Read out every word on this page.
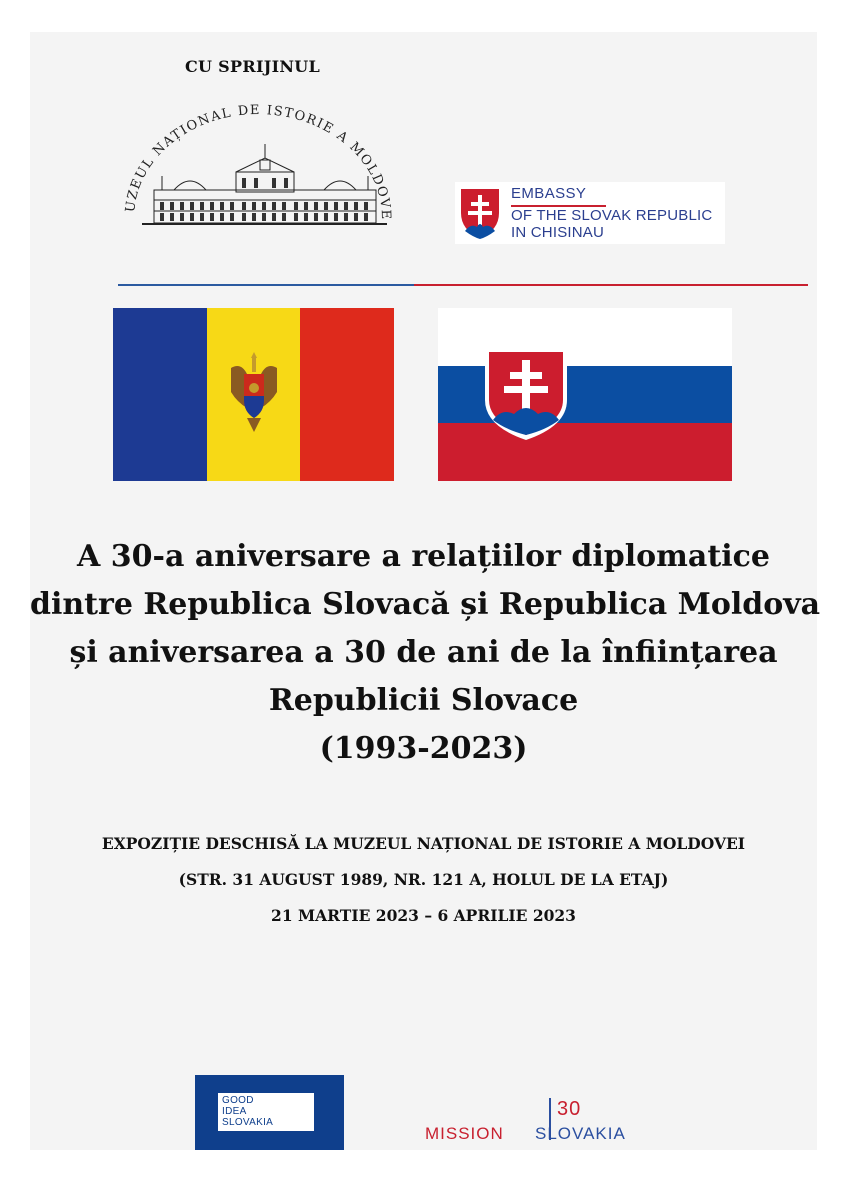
CU SPRIJINUL
UZEUL NAȚIONAL DE ISTORIE A MOLDOVE
EMBASSY
OF THE SLOVAK REPUBLIC
IN CHISINAU
A 30-a aniversare a relațiilor diplomatice
dintre Republica Slovacă și Republica Moldova
și aniversarea a 30 de ani de la înființarea
Republicii Slovace
(1993-2023)
EXPOZIȚIE DESCHISĂ LA MUZEUL NAȚIONAL DE ISTORIE A MOLDOVEI
(STR. 31 AUGUST 1989, NR. 121 A, HOLUL DE LA ETAJ)
21 MARTIE 2023 – 6 APRILIE 2023
GOOD
IDEA
SLOVAKIA
MISSION
30
SLOVAKIA
